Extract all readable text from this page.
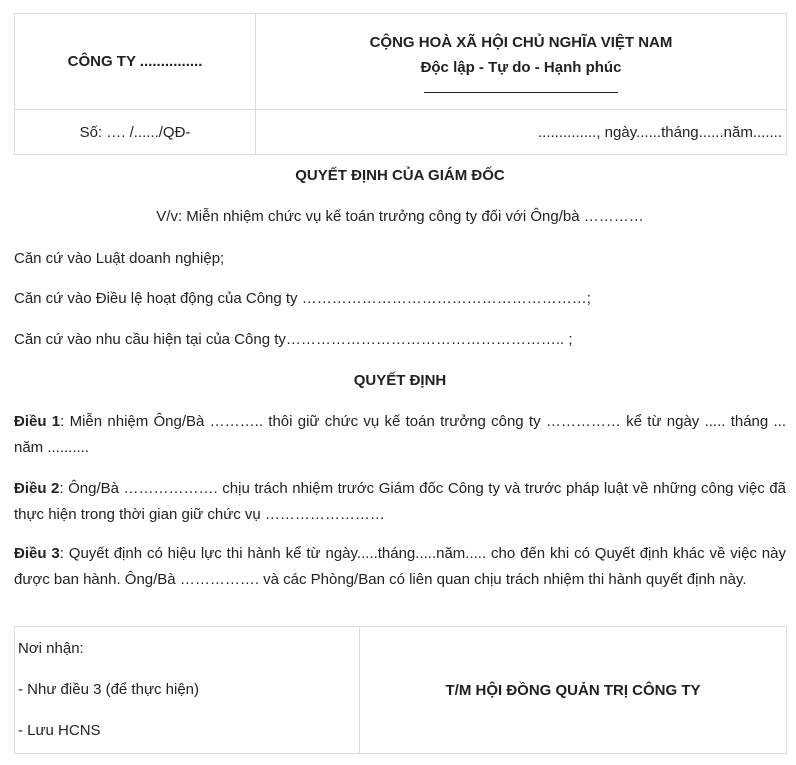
CÔNG TY ...............	CỘNG HOÀ XÃ HỘI CHỦ NGHĨA VIỆT NAM
Độc lập - Tự do - Hạnh phúc

Số: …. /....../QĐ-	.............., ngày......tháng......năm.......
QUYẾT ĐỊNH CỦA GIÁM ĐỐC
V/v: Miễn nhiệm chức vụ kế toán trưởng công ty đối với Ông/bà …………
Căn cứ vào Luật doanh nghiệp;
Căn cứ vào Điều lệ hoạt động của Công ty …………………………………………………;
Căn cứ vào nhu cầu hiện tại của Công ty……………………………………………….. ;
QUYẾT ĐỊNH
Điều 1: Miễn nhiệm Ông/Bà ……….. thôi giữ chức vụ kế toán trưởng công ty …………… kể từ ngày ..... tháng ... năm ..........
Điều 2: Ông/Bà ………………. chịu trách nhiệm trước Giám đốc Công ty và trước pháp luật về những công việc đã thực hiện trong thời gian giữ chức vụ ……………………
Điều 3: Quyết định có hiệu lực thi hành kể từ ngày.....tháng.....năm..... cho đến khi có Quyết định khác về việc này được ban hành. Ông/Bà ……………. và các Phòng/Ban có liên quan chịu trách nhiệm thi hành quyết định này.
Nơi nhận:
- Như điều 3 (để thực hiện)
- Lưu HCNS
	T/M HỘI ĐỒNG QUẢN TRỊ CÔNG TY
